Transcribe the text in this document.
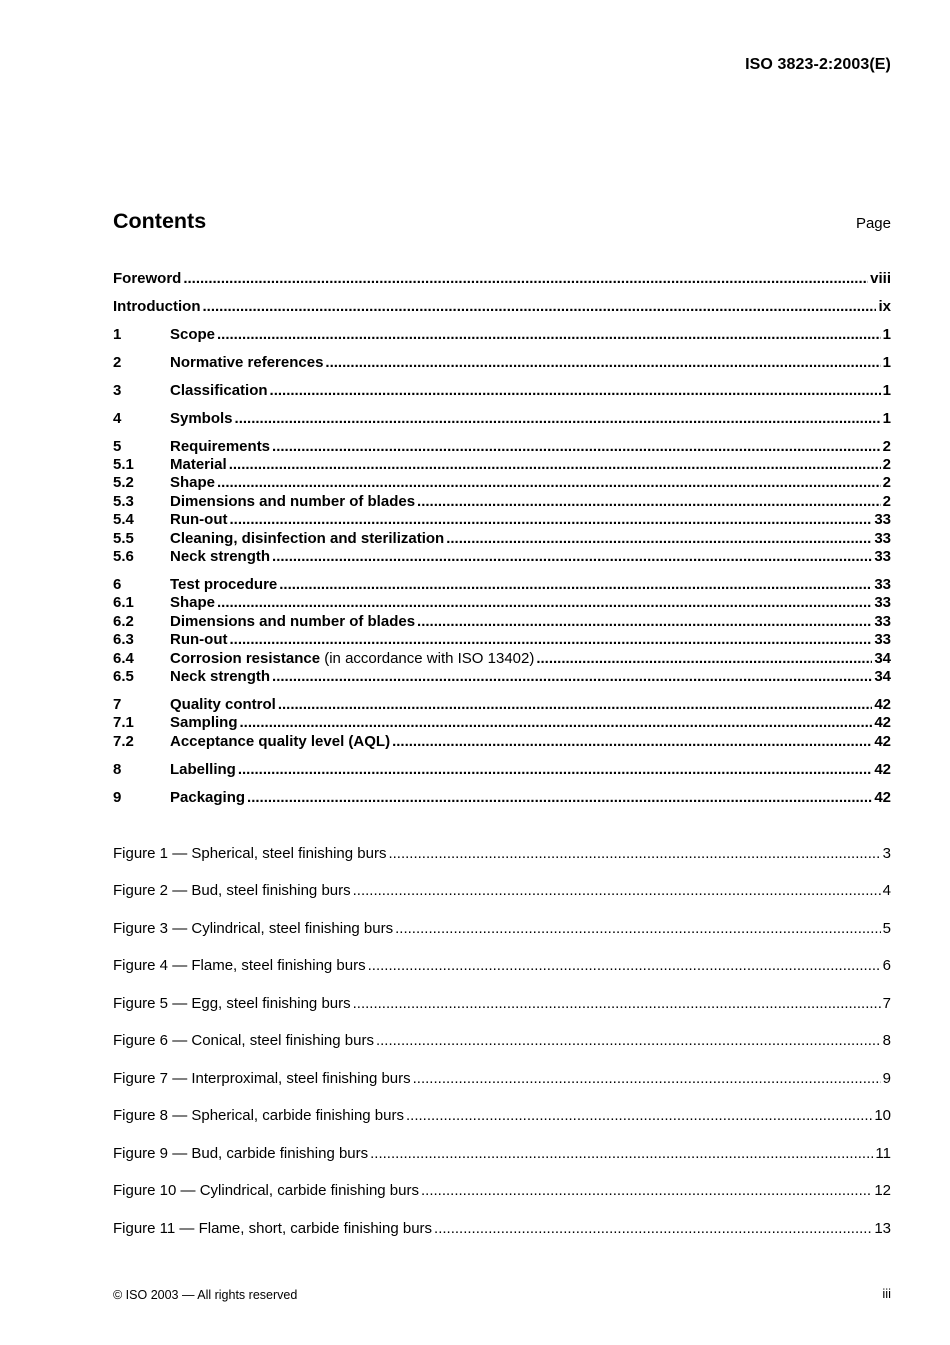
ISO 3823-2:2003(E)
Contents	Page
Foreword .....	viii
Introduction .....	ix
1	Scope .....	1
2	Normative references .....	1
3	Classification .....	1
4	Symbols .....	1
5	Requirements .....	2
5.1	Material .....	2
5.2	Shape .....	2
5.3	Dimensions and number of blades .....	2
5.4	Run-out .....	33
5.5	Cleaning, disinfection and sterilization .....	33
5.6	Neck strength .....	33
6	Test procedure .....	33
6.1	Shape .....	33
6.2	Dimensions and number of blades .....	33
6.3	Run-out .....	33
6.4	Corrosion resistance (in accordance with ISO 13402) .....	34
6.5	Neck strength .....	34
7	Quality control .....	42
7.1	Sampling .....	42
7.2	Acceptance quality level (AQL) .....	42
8	Labelling .....	42
9	Packaging .....	42
Figure 1 — Spherical, steel finishing burs .....	3
Figure 2 — Bud, steel finishing burs .....	4
Figure 3 — Cylindrical, steel finishing burs .....	5
Figure 4 — Flame, steel finishing burs .....	6
Figure 5 — Egg, steel finishing burs .....	7
Figure 6 — Conical, steel finishing burs .....	8
Figure 7 — Interproximal, steel finishing burs .....	9
Figure 8 — Spherical, carbide finishing burs .....	10
Figure 9 — Bud, carbide finishing burs .....	11
Figure 10 — Cylindrical, carbide finishing burs .....	12
Figure 11 — Flame, short, carbide finishing burs .....	13
© ISO 2003 — All rights reserved	iii
